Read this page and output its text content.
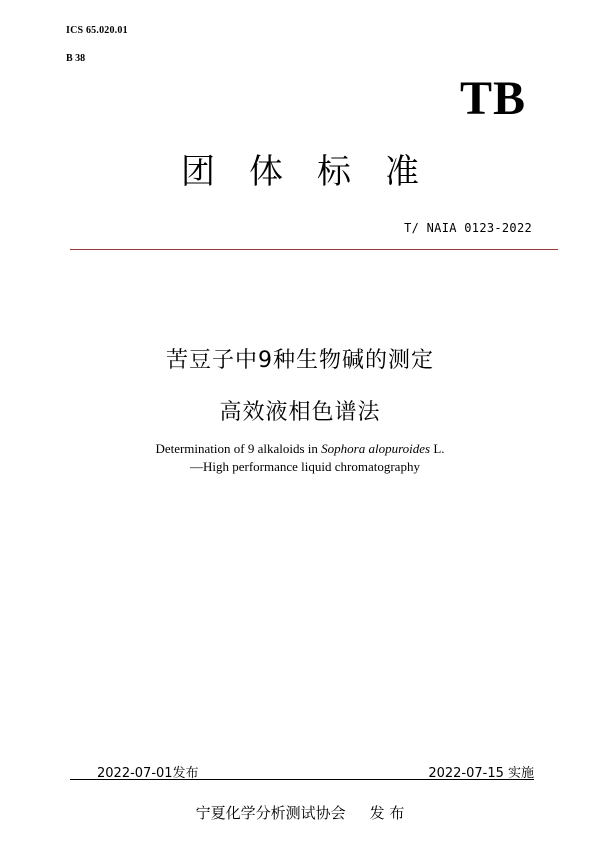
ICS 65.020.01
B 38
TB
团体标准
T/ NAIA 0123-2022
苦豆子中9种生物碱的测定
高效液相色谱法
Determination of 9 alkaloids in Sophora alopuroides L.
—High performance liquid chromatography
2022-07-01发布	2022-07-15 实施
宁夏化学分析测试协会 发 布
